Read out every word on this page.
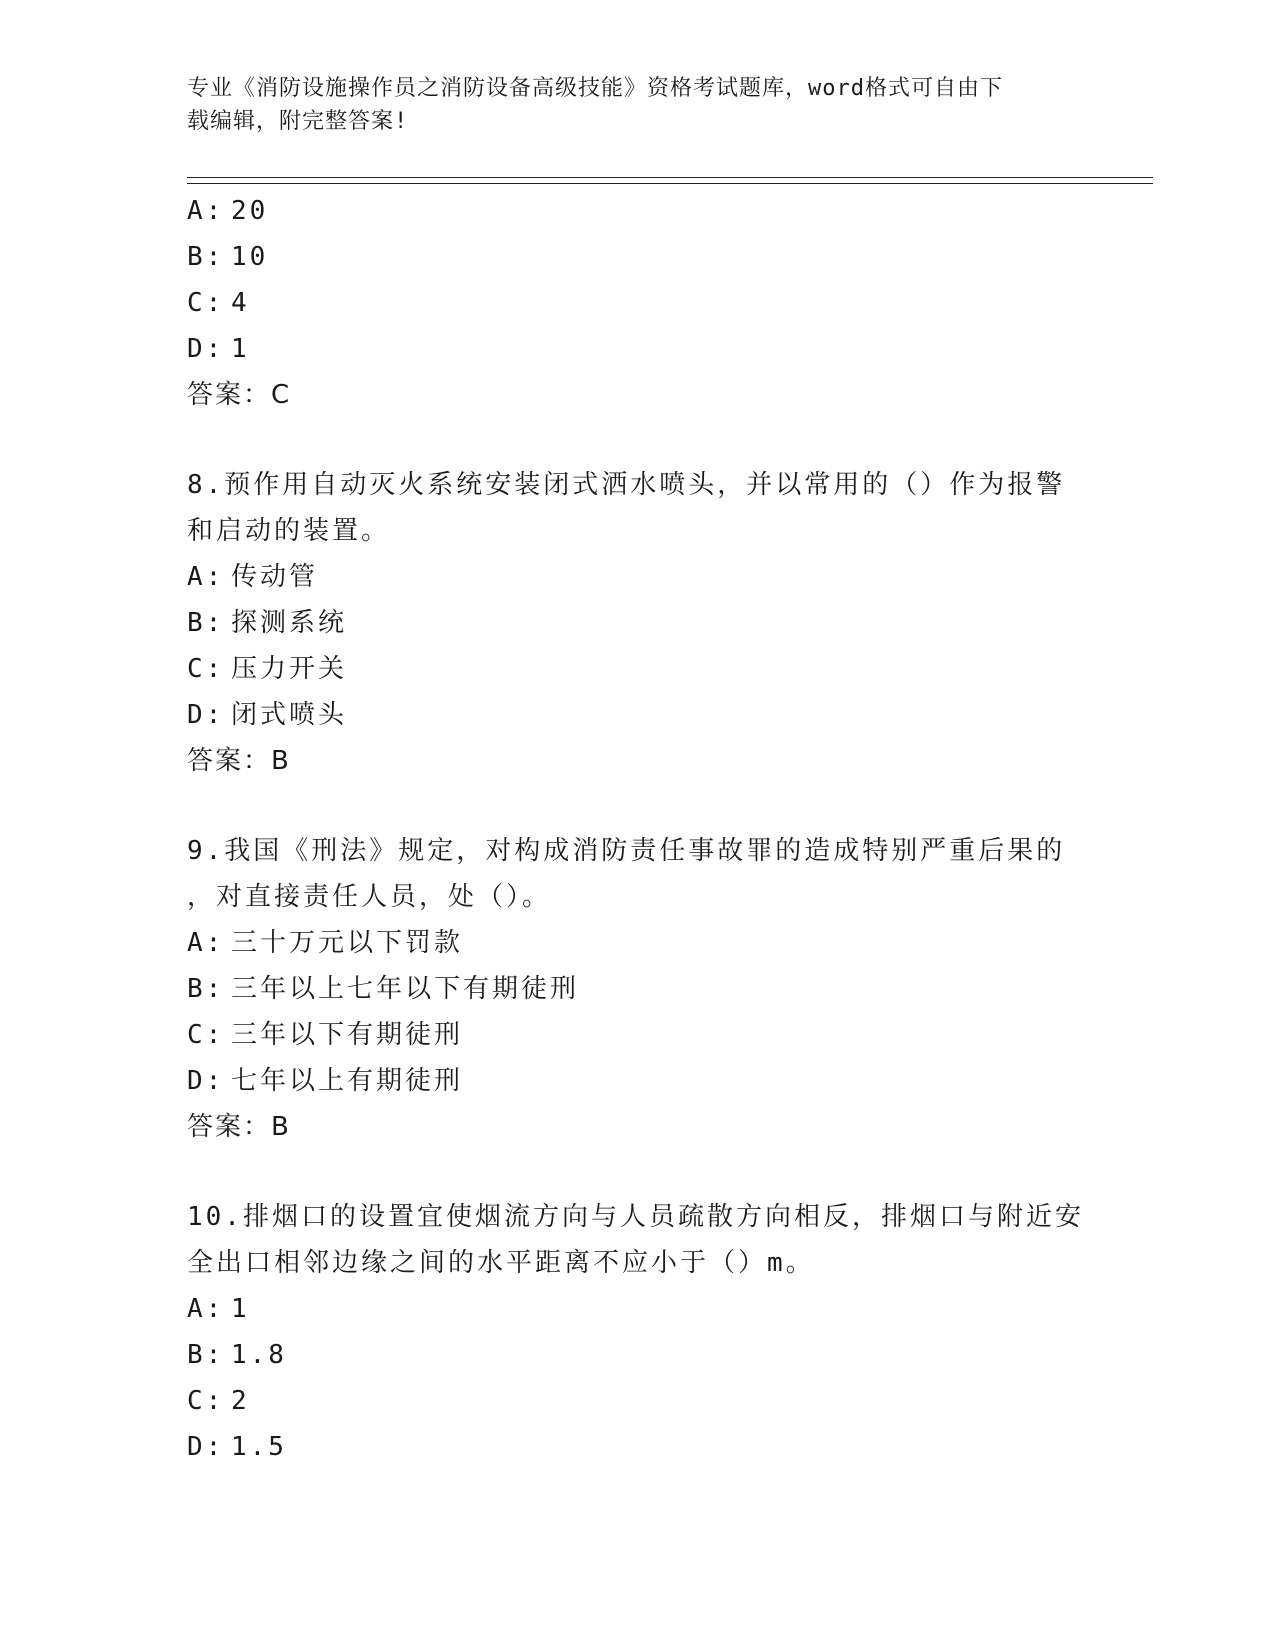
专业《消防设施操作员之消防设备高级技能》资格考试题库，word格式可自由下
载编辑，附完整答案!
A: 20
B: 10
C: 4
D: 1
答案：C
8.预作用自动灭火系统安装闭式洒水喷头，并以常用的（）作为报警
和启动的装置。
A: 传动管
B: 探测系统
C: 压力开关
D: 闭式喷头
答案：B
9.我国《刑法》规定，对构成消防责任事故罪的造成特别严重后果的
，对直接责任人员，处（）。
A: 三十万元以下罚款
B: 三年以上七年以下有期徒刑
C: 三年以下有期徒刑
D: 七年以上有期徒刑
答案：B
10.排烟口的设置宜使烟流方向与人员疏散方向相反，排烟口与附近安
全出口相邻边缘之间的水平距离不应小于（）m。
A: 1
B: 1.8
C: 2
D: 1.5
